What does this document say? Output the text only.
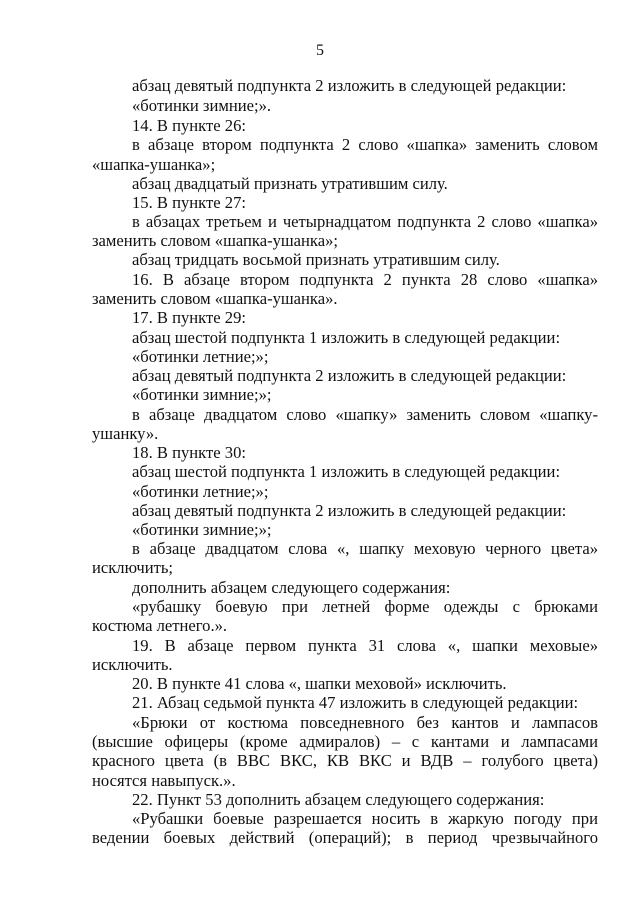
5
абзац девятый подпункта 2 изложить в следующей редакции:
«ботинки зимние;».
14. В пункте 26:
в абзаце втором подпункта 2 слово «шапка» заменить словом
«шапка-ушанка»;
абзац двадцатый признать утратившим силу.
15. В пункте 27:
в абзацах третьем и четырнадцатом подпункта 2 слово «шапка»
заменить словом «шапка-ушанка»;
абзац тридцать восьмой признать утратившим силу.
16. В абзаце втором подпункта 2 пункта 28 слово «шапка»
заменить словом «шапка-ушанка».
17. В пункте 29:
абзац шестой подпункта 1 изложить в следующей редакции:
«ботинки летние;»;
абзац девятый подпункта 2 изложить в следующей редакции:
«ботинки зимние;»;
в абзаце двадцатом слово «шапку» заменить словом «шапку-
ушанку».
18. В пункте 30:
абзац шестой подпункта 1 изложить в следующей редакции:
«ботинки летние;»;
абзац девятый подпункта 2 изложить в следующей редакции:
«ботинки зимние;»;
в абзаце двадцатом слова «, шапку меховую черного цвета»
исключить;
дополнить абзацем следующего содержания:
«рубашку боевую при летней форме одежды с брюками
костюма летнего.».
19. В абзаце первом пункта 31 слова «, шапки меховые»
исключить.
20. В пункте 41 слова «, шапки меховой» исключить.
21. Абзац седьмой пункта 47 изложить в следующей редакции:
«Брюки от костюма повседневного без кантов и лампасов
(высшие офицеры (кроме адмиралов) – с кантами и лампасами
красного цвета (в ВВС ВКС, КВ ВКС и ВДВ – голубого цвета)
носятся навыпуск.».
22. Пункт 53 дополнить абзацем следующего содержания:
«Рубашки боевые разрешается носить в жаркую погоду при
ведении боевых действий (операций); в период чрезвычайного
